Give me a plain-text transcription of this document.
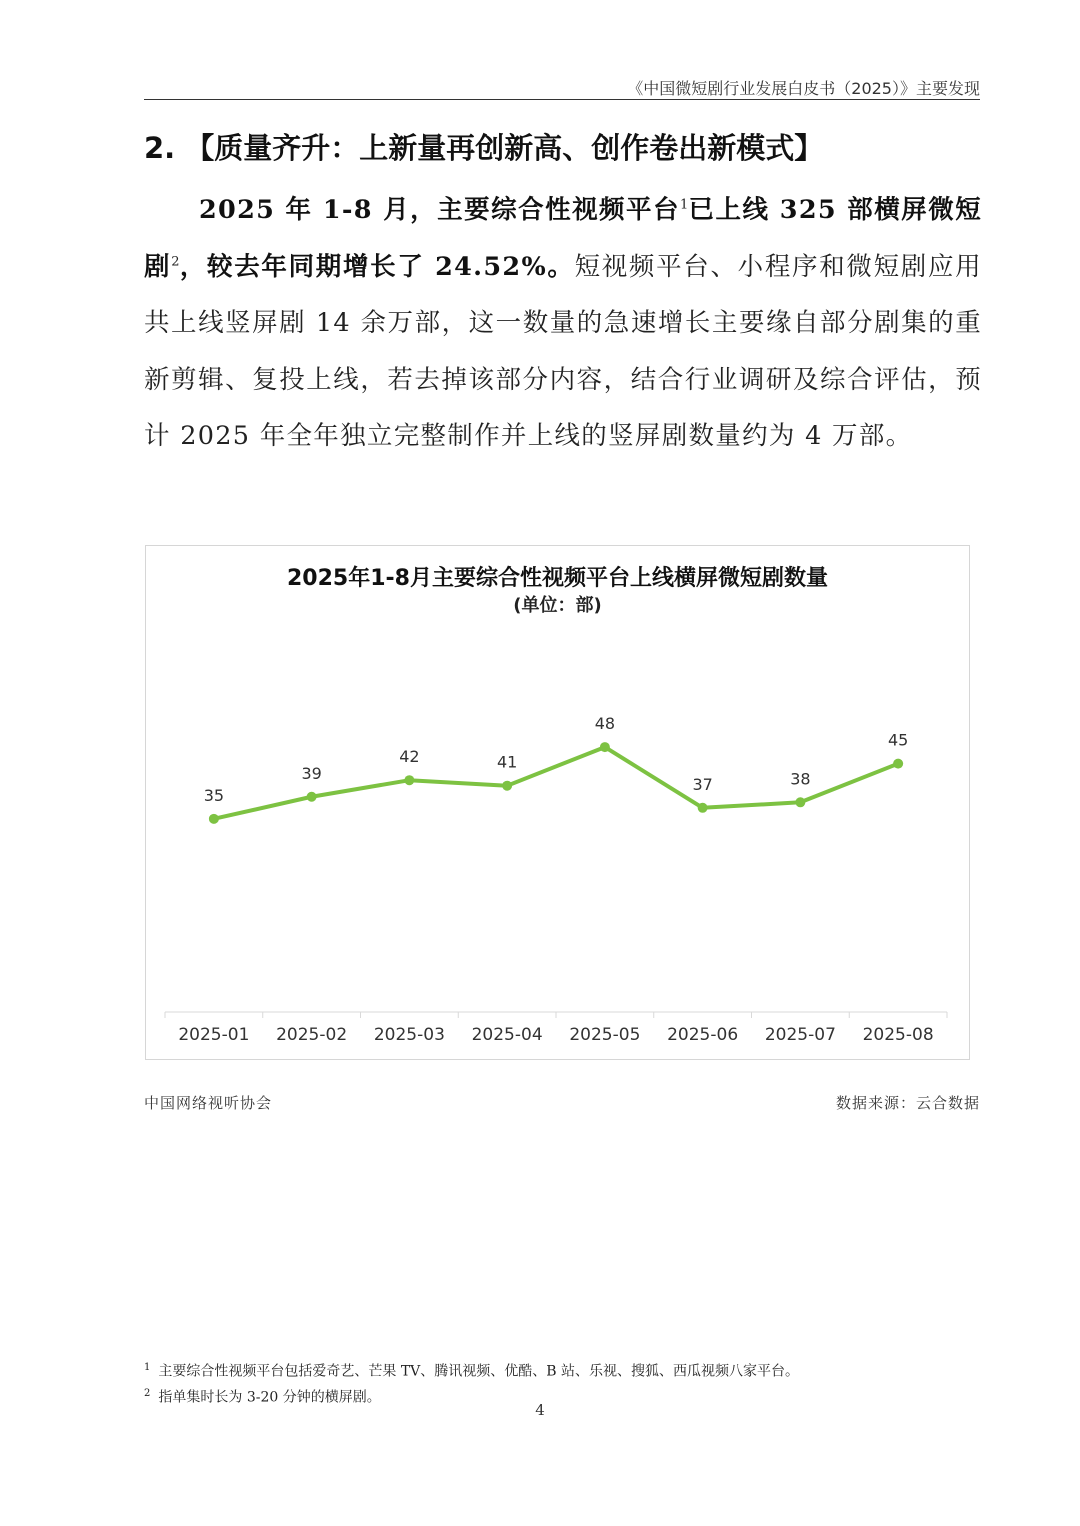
《中国微短剧行业发展白皮书（2025）》主要发现
2. 【质量齐升：上新量再创新高、创作卷出新模式】
2025 年 1-8 月，主要综合性视频平台$^1$已上线 325 部横屏微短剧$^2$，较去年同期增长了 24.52%。短视频平台、小程序和微短剧应用共上线竖屏剧 14 余万部，这一数量的急速增长主要缘自部分剧集的重新剪辑、复投上线，若去掉该部分内容，结合行业调研及综合评估，预计 2025 年全年独立完整制作并上线的竖屏剧数量约为 4 万部。
2025年1-8月主要综合性视频平台上线横屏微短剧数量
(单位：部)
2025-01 2025-02 2025-03 2025-04 2025-05 2025-06 2025-07 2025-08
35
39
42	41
48
37	38
45
中国网络视听协会	数据来源：云合数据
$^1$ 主要综合性视频平台包括爱奇艺、芒果 TV、腾讯视频、优酷、B 站、乐视、搜狐、西瓜视频八家平台。
$^2$ 指单集时长为 3-20 分钟的横屏剧。
4
